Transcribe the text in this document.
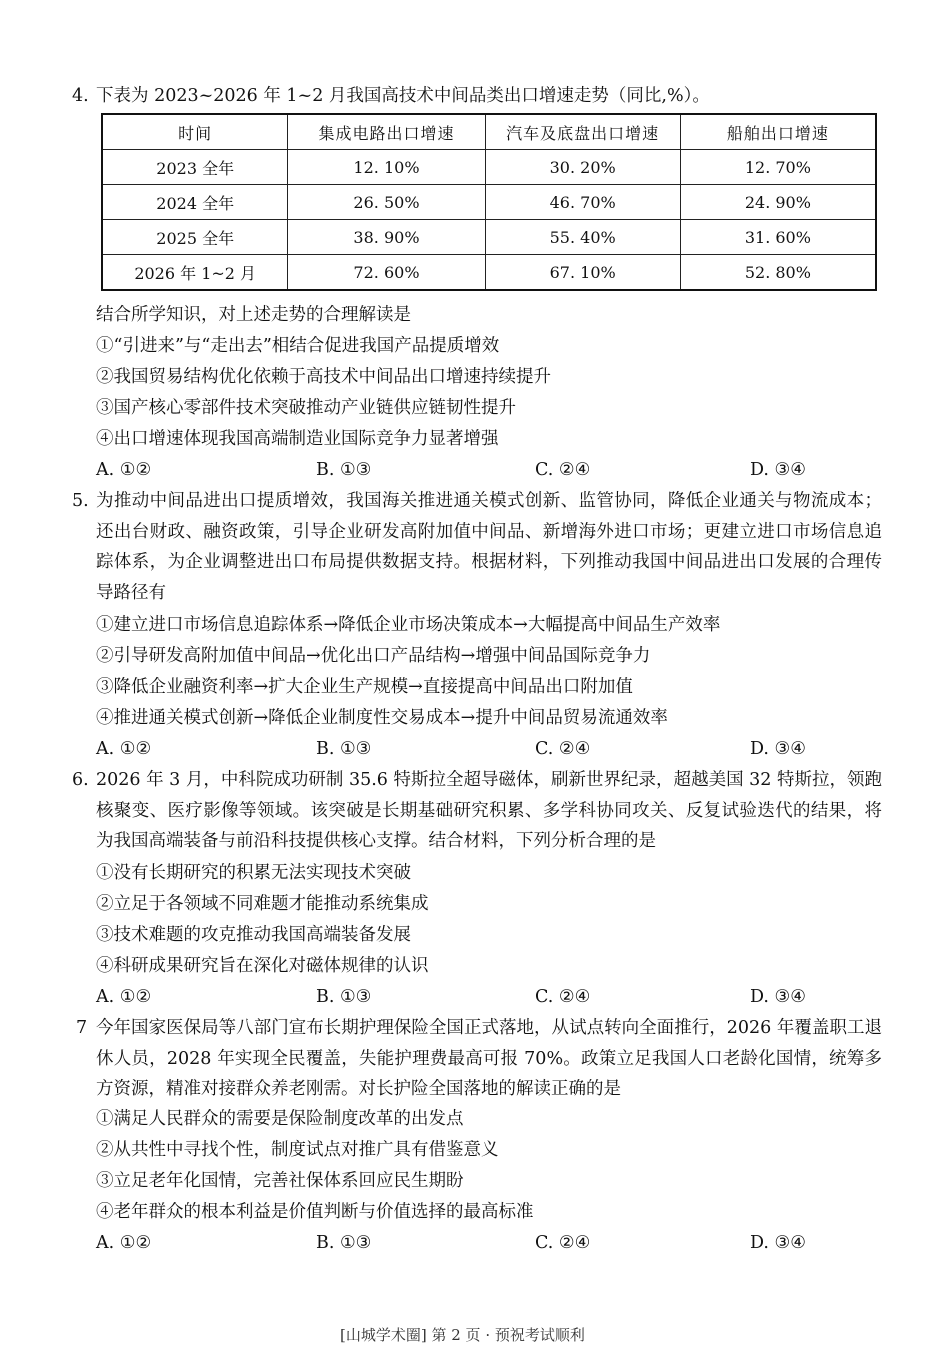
4. 下表为 2023~2026 年 1~2 月我国高技术中间品类出口增速走势（同比,%）。
时间	集成电路出口增速	汽车及底盘出口增速	船舶出口增速
2023 全年	12. 10%	30. 20%	12. 70%
2024 全年	26. 50%	46. 70%	24. 90%
2025 全年	38. 90%	55. 40%	31. 60%
2026 年 1~2 月	72. 60%	67. 10%	52. 80%
结合所学知识，对上述走势的合理解读是
①“引进来”与“走出去”相结合促进我国产品提质增效
②我国贸易结构优化依赖于高技术中间品出口增速持续提升
③国产核心零部件技术突破推动产业链供应链韧性提升
④出口增速体现我国高端制造业国际竞争力显著增强
A. ①②	B. ①③	C. ②④	D. ③④
5. 为推动中间品进出口提质增效，我国海关推进通关模式创新、监管协同，降低企业通关与物流成本；还出台财政、融资政策，引导企业研发高附加值中间品、新增海外进口市场；更建立进口市场信息追踪体系，为企业调整进出口布局提供数据支持。根据材料，下列推动我国中间品进出口发展的合理传导路径有
①建立进口市场信息追踪体系→降低企业市场决策成本→大幅提高中间品生产效率
②引导研发高附加值中间品→优化出口产品结构→增强中间品国际竞争力
③降低企业融资利率→扩大企业生产规模→直接提高中间品出口附加值
④推进通关模式创新→降低企业制度性交易成本→提升中间品贸易流通效率
A. ①②	B. ①③	C. ②④	D. ③④
6. 2026 年 3 月，中科院成功研制 35.6 特斯拉全超导磁体，刷新世界纪录，超越美国 32 特斯拉，领跑核聚变、医疗影像等领域。该突破是长期基础研究积累、多学科协同攻关、反复试验迭代的结果，将为我国高端装备与前沿科技提供核心支撑。结合材料，下列分析合理的是
①没有长期研究的积累无法实现技术突破
②立足于各领域不同难题才能推动系统集成
③技术难题的攻克推动我国高端装备发展
④科研成果研究旨在深化对磁体规律的认识
A. ①②	B. ①③	C. ②④	D. ③④
7 今年国家医保局等八部门宣布长期护理保险全国正式落地，从试点转向全面推行，2026 年覆盖职工退休人员，2028 年实现全民覆盖，失能护理费最高可报 70%。政策立足我国人口老龄化国情，统筹多方资源，精准对接群众养老刚需。对长护险全国落地的解读正确的是
①满足人民群众的需要是保险制度改革的出发点
②从共性中寻找个性，制度试点对推广具有借鉴意义
③立足老年化国情，完善社保体系回应民生期盼
④老年群众的根本利益是价值判断与价值选择的最高标准
A. ①②	B. ①③	C. ②④	D. ③④
[山城学术圈] 第 2 页 · 预祝考试顺利
